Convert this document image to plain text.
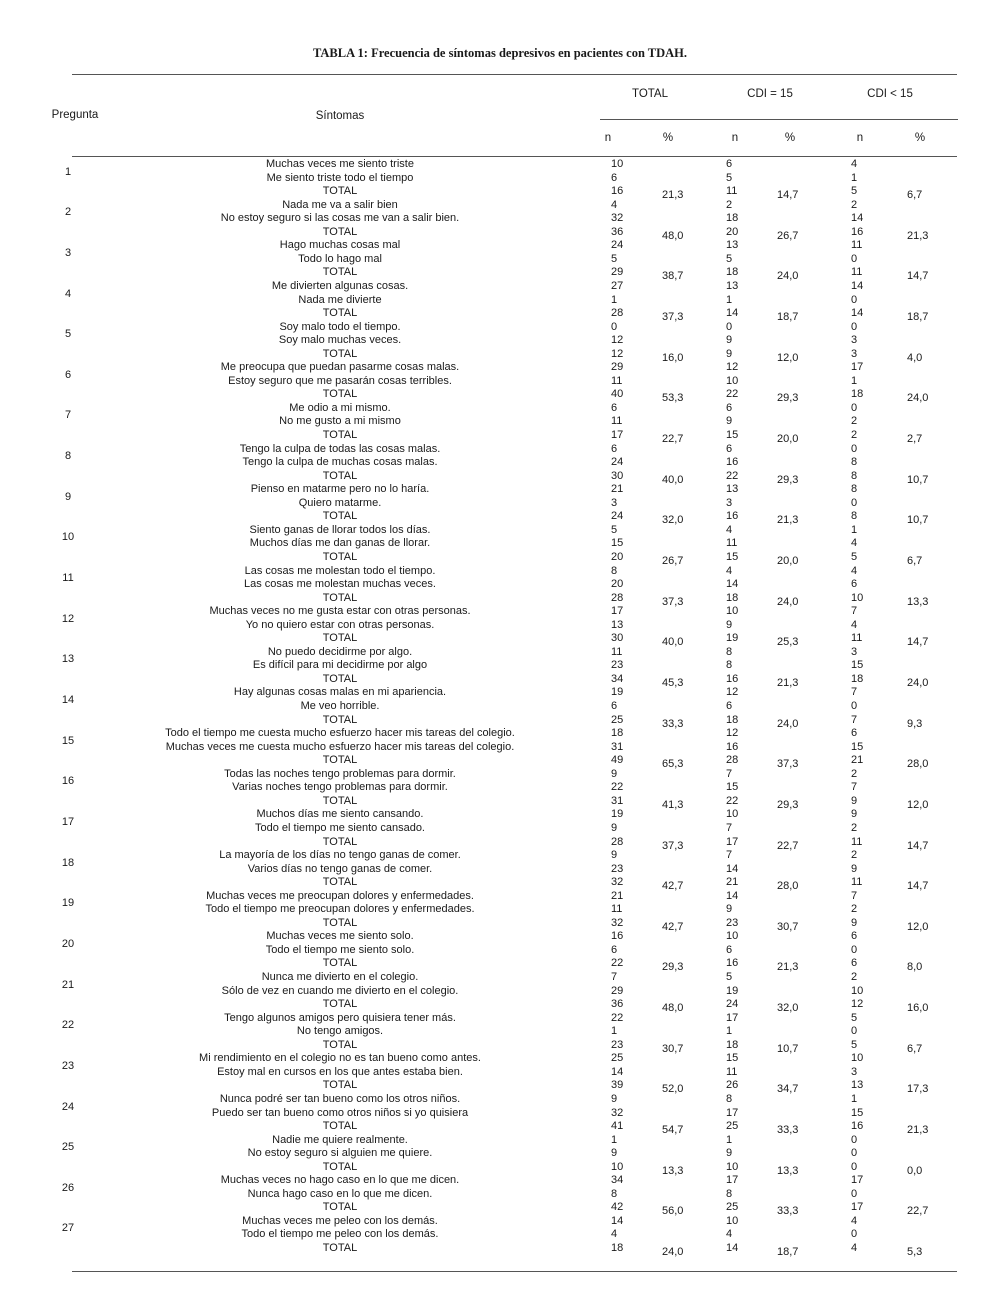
TABLA 1: Frecuencia de síntomas depresivos en pacientes con TDAH.
TOTAL	CDI = 15	CDI < 15
Pregunta	Síntomas
n	%	n	%	n	%
1
Muchas veces me siento triste	10	6	4
Me siento triste todo el tiempo	6	5	1
TOTAL	16	21,3	11	14,7	5	6,7
2
Nada me va a salir bien	4	2	2
No estoy seguro si las cosas me van a salir bien.	32	18	14
TOTAL	36	48,0	20	26,7	16	21,3
3
Hago muchas cosas mal	24	13	11
Todo lo hago mal	5	5	0
TOTAL	29	38,7	18	24,0	11	14,7
4
Me divierten algunas cosas.	27	13	14
Nada me divierte	1	1	0
TOTAL	28	37,3	14	18,7	14	18,7
5
Soy malo todo el tiempo.	0	0	0
Soy malo muchas veces.	12	9	3
TOTAL	12	16,0	9	12,0	3	4,0
6
Me preocupa que puedan pasarme cosas malas.	29	12	17
Estoy seguro que me pasarán cosas terribles.	11	10	1
TOTAL	40	53,3	22	29,3	18	24,0
7
Me odio a mi mismo.	6	6	0
No me gusto a mi mismo	11	9	2
TOTAL	17	22,7	15	20,0	2	2,7
8
Tengo la culpa de todas las cosas malas.	6	6	0
Tengo la culpa de muchas cosas malas.	24	16	8
TOTAL	30	40,0	22	29,3	8	10,7
9
Pienso en matarme pero no lo haría.	21	13	8
Quiero matarme.	3	3	0
TOTAL	24	32,0	16	21,3	8	10,7
10
Siento ganas de llorar todos los días.	5	4	1
Muchos días me dan ganas de llorar.	15	11	4
TOTAL	20	26,7	15	20,0	5	6,7
11
Las cosas me molestan todo el tiempo.	8	4	4
Las cosas me molestan muchas veces.	20	14	6
TOTAL	28	37,3	18	24,0	10	13,3
12
Muchas veces no me gusta estar con otras personas.	17	10	7
Yo no quiero estar con otras personas.	13	9	4
TOTAL	30	40,0	19	25,3	11	14,7
13
No puedo decidirme por algo.	11	8	3
Es difícil para mi decidirme por algo	23	8	15
TOTAL	34	45,3	16	21,3	18	24,0
14
Hay algunas cosas malas en mi apariencia.	19	12	7
Me veo horrible.	6	6	0
TOTAL	25	33,3	18	24,0	7	9,3
15
Todo el tiempo me cuesta mucho esfuerzo hacer mis tareas del colegio.	18	12	6
Muchas veces me cuesta mucho esfuerzo hacer mis tareas del colegio.	31	16	15
TOTAL	49	65,3	28	37,3	21	28,0
16
Todas las noches tengo problemas para dormir.	9	7	2
Varias noches tengo problemas para dormir.	22	15	7
TOTAL	31	41,3	22	29,3	9	12,0
17
Muchos días me siento cansando.	19	10	9
Todo el tiempo me siento cansado.	9	7	2
TOTAL	28	37,3	17	22,7	11	14,7
18
La mayoría de los días no tengo ganas de comer.	9	7	2
Varios días no tengo ganas de comer.	23	14	9
TOTAL	32	42,7	21	28,0	11	14,7
19
Muchas veces me preocupan dolores y enfermedades.	21	14	7
Todo el tiempo me preocupan dolores y enfermedades.	11	9	2
TOTAL	32	42,7	23	30,7	9	12,0
20
Muchas veces me siento solo.	16	10	6
Todo el tiempo me siento solo.	6	6	0
TOTAL	22	29,3	16	21,3	6	8,0
21
Nunca me divierto en el colegio.	7	5	2
Sólo de vez en cuando me divierto en el colegio.	29	19	10
TOTAL	36	48,0	24	32,0	12	16,0
22
Tengo algunos amigos pero quisiera tener más.	22	17	5
No tengo amigos.	1	1	0
TOTAL	23	30,7	18	10,7	5	6,7
23
Mi rendimiento en el colegio no es tan bueno como antes.	25	15	10
Estoy mal en cursos en los que antes estaba bien.	14	11	3
TOTAL	39	52,0	26	34,7	13	17,3
24
Nunca podré ser tan bueno como los otros niños.	9	8	1
Puedo ser tan bueno como otros niños si yo quisiera	32	17	15
TOTAL	41	54,7	25	33,3	16	21,3
25
Nadie me quiere realmente.	1	1	0
No estoy seguro si alguien me quiere.	9	9	0
TOTAL	10	13,3	10	13,3	0	0,0
26
Muchas veces no hago caso en lo que me dicen.	34	17	17
Nunca hago caso en lo que me dicen.	8	8	0
TOTAL	42	56,0	25	33,3	17	22,7
27
Muchas veces me peleo con los demás.	14	10	4
Todo el tiempo me peleo con los demás.	4	4	0
TOTAL	18	24,0	14	18,7	4	5,3
